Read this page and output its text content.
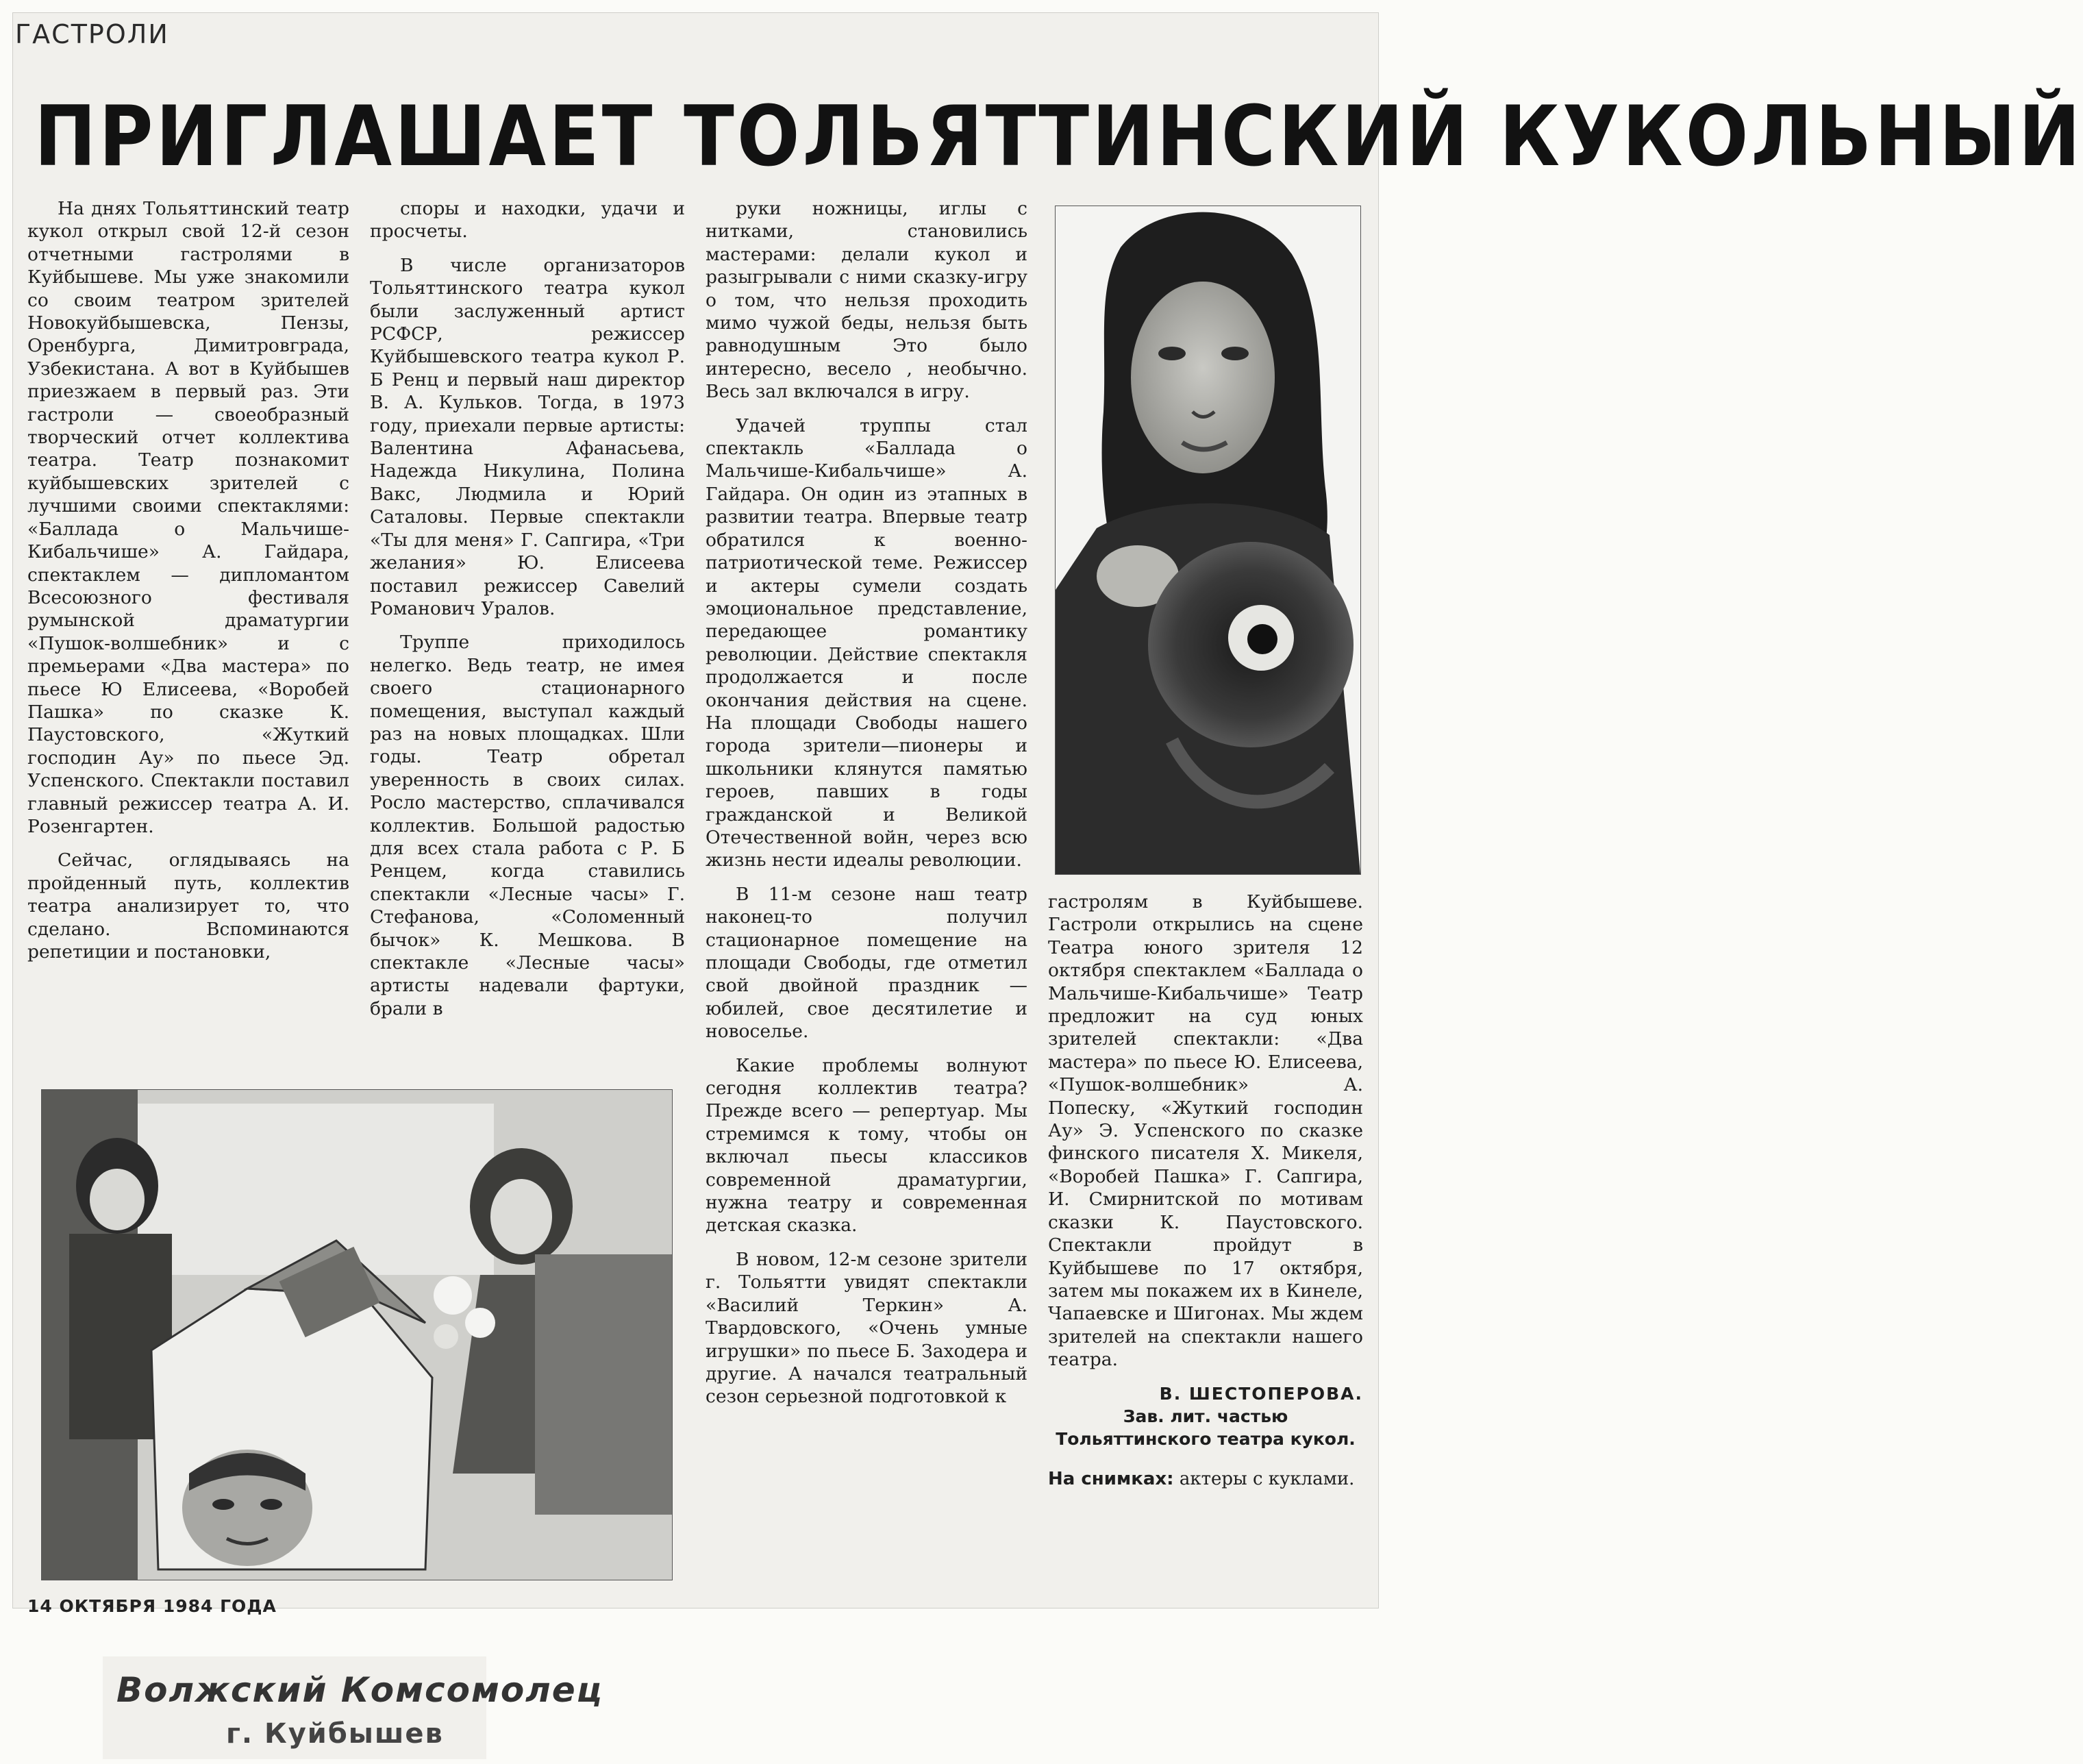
ГАСТРОЛИ
ПРИГЛАШАЕТ ТОЛЬЯТТИНСКИЙ КУКОЛЬНЫЙ

На днях Тольяттинский театр кукол открыл свой 12-й сезон отчетными гастролями в Куйбышеве. Мы уже знакомили со своим театром зрителей Новокуйбышевска, Пензы, Оренбурга, Димитровграда, Узбекистана. А вот в Куйбышев приезжаем в первый раз. Эти гастроли — своеобразный творческий отчет коллектива театра. Театр познакомит куйбышевских зрителей с лучшими своими спектаклями: «Баллада о Мальчише-Кибальчише» А. Гайдара, спектаклем — дипломантом Всесоюзного фестиваля румынской драматургии «Пушок-волшебник» и с премьерами «Два мастера» по пьесе Ю Елисеева, «Воробей Пашка» по сказке К. Паустовского, «Жуткий господин Ау» по пьесе Эд. Успенского. Спектакли поставил главный режиссер театра А. И. Розенгартен.

Сейчас, оглядываясь на пройденный путь, коллектив театра анализирует то, что сделано. Вспоминаются репетиции и постановки,

споры и находки, удачи и просчеты.

В числе организаторов Тольяттинского театра кукол были заслуженный артист РСФСР, режиссер Куйбышевского театра кукол Р. Б Ренц и первый наш директор В. А. Кульков. Тогда, в 1973 году, приехали первые артисты: Валентина Афанасьева, Надежда Никулина, Полина Вакс, Людмила и Юрий Саталовы. Первые спектакли «Ты для меня» Г. Сапгира, «Три желания» Ю. Елисеева поставил режиссер Савелий Романович Уралов.

Труппе приходилось нелегко. Ведь театр, не имея своего стационарного помещения, выступал каждый раз на новых площадках. Шли годы. Театр обретал уверенность в своих силах. Росло мастерство, сплачивался коллектив. Большой радостью для всех стала работа с Р. Б Ренцем, когда ставились спектакли «Лесные часы» Г. Стефанова, «Соломенный бычок» К. Мешкова. В спектакле «Лесные часы» артисты надевали фартуки, брали в

руки ножницы, иглы с нитками, становились мастерами: делали кукол и разыгрывали с ними сказку-игру о том, что нельзя проходить мимо чужой беды, нельзя быть равнодушным Это было интересно, весело , необычно. Весь зал включался в игру.

Удачей труппы стал спектакль «Баллада о Мальчише-Кибальчише» А. Гайдара. Он один из этапных в развитии театра. Впервые театр обратился к военно-патриотической теме. Режиссер и актеры сумели создать эмоциональное представление, передающее романтику революции. Действие спектакля продолжается и после окончания действия на сцене. На площади Свободы нашего города зрители—пионеры и школьники клянутся памятью героев, павших в годы гражданской и Великой Отечественной войн, через всю жизнь нести идеалы революции.

В 11-м сезоне наш театр наконец-то получил стационарное помещение на площади Свободы, где отметил свой двойной праздник —юбилей, свое десятилетие и новоселье.

Какие проблемы волнуют сегодня коллектив театра? Прежде всего — репертуар. Мы стремимся к тому, чтобы он включал пьесы классиков современной драматургии, нужна театру и современная детская сказка.

В новом, 12-м сезоне зрители г. Тольятти увидят спектакли «Василий Теркин» А. Твардовского, «Очень умные игрушки» по пьесе Б. Заходера и другие. А начался театральный сезон серьезной подготовкой к

гастролям в Куйбышеве. Гастроли открылись на сцене Театра юного зрителя 12 октября спектаклем «Баллада о Мальчише-Кибальчише» Театр предложит на суд юных зрителей спектакли: «Два мастера» по пьесе Ю. Елисеева, «Пушок-волшебник» А. Попеску, «Жуткий господин Ау» Э. Успенского по сказке финского писателя Х. Микеля, «Воробей Пашка» Г. Сапгира, И. Смирнитской по мотивам сказки К. Паустовского. Спектакли пройдут в Куйбышеве по 17 октября, затем мы покажем их в Кинеле, Чапаевске и Шигонах. Мы ждем зрителей на спектакли нашего театра.

В. ШЕСТОПЕРОВА.
Зав. лит. частью Тольяттинского театра кукол.
На снимках: актеры с куклами.
14 ОКТЯБРЯ 1984 ГОДА
Волжский Комсомолец
г. Куйбышев
